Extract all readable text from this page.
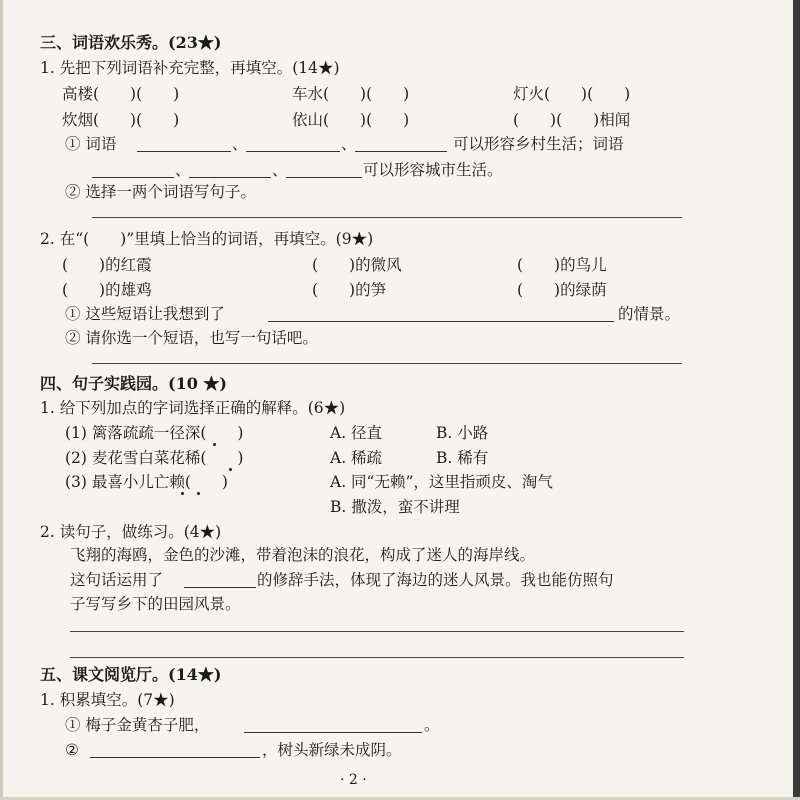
三、词语欢乐秀。(23★)
1. 先把下列词语补充完整，再填空。(14★)
高楼(　　)(　　)	车水(　　)(　　)	灯火(　　)(　　)
炊烟(　　)(　　)	依山(　　)(　　)	(　　)(　　)相闻
① 词语	、	、	可以形容乡村生活；词语
、	、	可以形容城市生活。
② 选择一两个词语写句子。
2. 在“(　　)”里填上恰当的词语，再填空。(9★)
(　　)的红霞	(　　)的微风	(　　)的鸟儿
(　　)的雄鸡	(　　)的笋	(　　)的绿荫
① 这些短语让我想到了	的情景。
② 请你选一个短语，也写一句话吧。
四、句子实践园。(10 ★)
1. 给下列加点的字词选择正确的解释。(6★)
(1) 篱落疏疏一径深(　　)	A. 径直	B. 小路
(2) 麦花雪白菜花稀(　　)	A. 稀疏	B. 稀有
(3) 最喜小儿亡赖(　　)	A. 同“无赖”，这里指顽皮、淘气
B. 撒泼，蛮不讲理
2. 读句子，做练习。(4★)
飞翔的海鸥，金色的沙滩，带着泡沫的浪花，构成了迷人的海岸线。
这句话运用了	的修辞手法，体现了海边的迷人风景。我也能仿照句
子写写乡下的田园风景。
五、课文阅览厅。(14★)
1. 积累填空。(7★)
① 梅子金黄杏子肥，	。
②	，树头新绿未成阴。
· 2 ·
